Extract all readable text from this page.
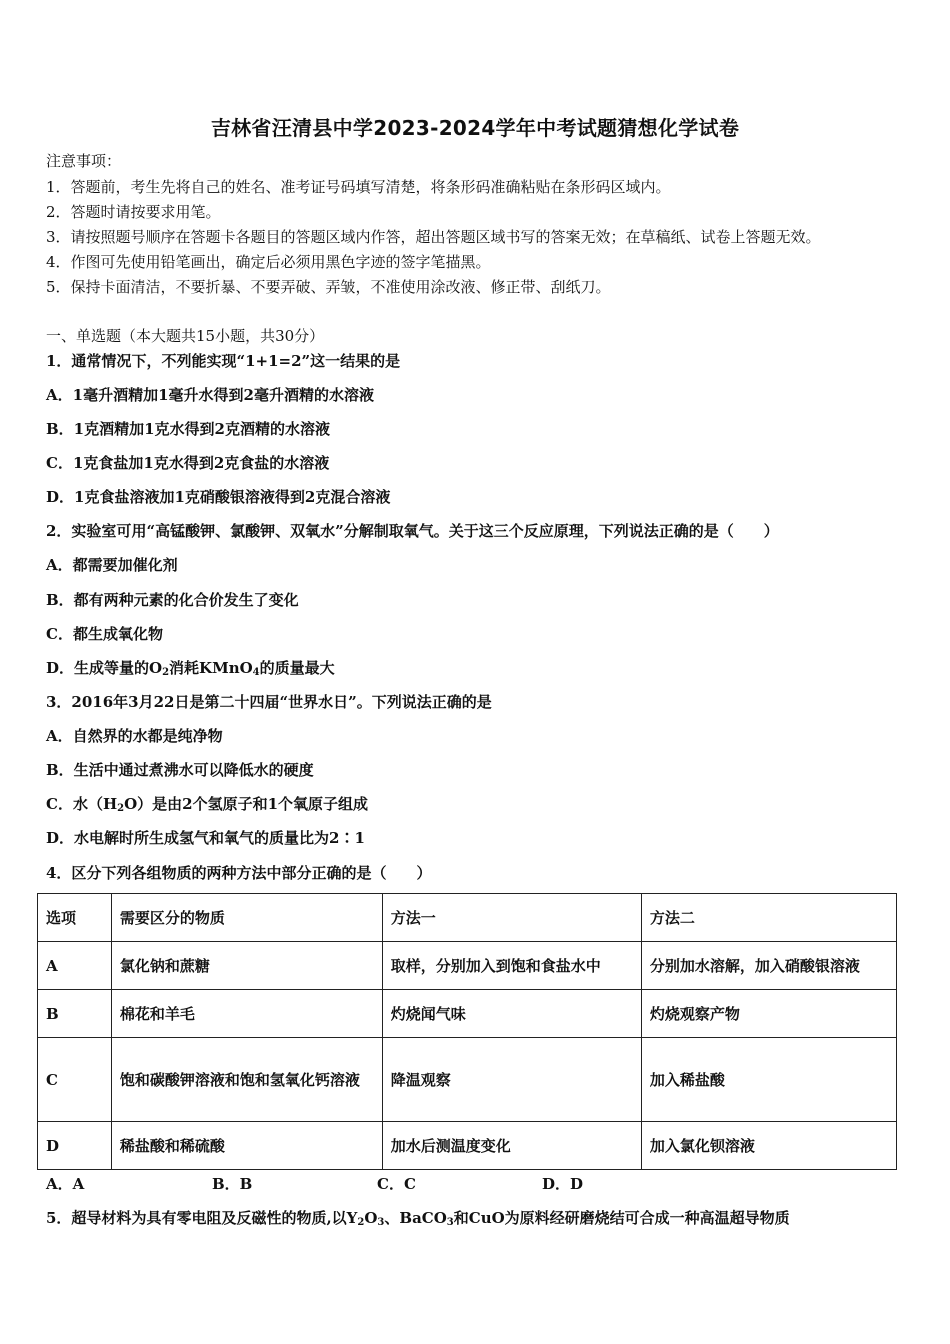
吉林省汪清县中学2023-2024学年中考试题猜想化学试卷
注意事项：
1．答题前，考生先将自己的姓名、准考证号码填写清楚，将条形码准确粘贴在条形码区域内。
2．答题时请按要求用笔。
3．请按照题号顺序在答题卡各题目的答题区域内作答，超出答题区域书写的答案无效；在草稿纸、试卷上答题无效。
4．作图可先使用铅笔画出，确定后必须用黑色字迹的签字笔描黑。
5．保持卡面清洁，不要折暴、不要弄破、弄皱，不准使用涂改液、修正带、刮纸刀。
一、单选题（本大题共15小题，共30分）
1．通常情况下，不列能实现“1+1=2”这一结果的是
A．1毫升酒精加1毫升水得到2毫升酒精的水溶液
B．1克酒精加1克水得到2克酒精的水溶液
C．1克食盐加1克水得到2克食盐的水溶液
D．1克食盐溶液加1克硝酸银溶液得到2克混合溶液
2．实验室可用“高锰酸钾、氯酸钾、双氧水”分解制取氧气。关于这三个反应原理，下列说法正确的是（　　）
A．都需要加催化剂
B．都有两种元素的化合价发生了变化
C．都生成氧化物
D．生成等量的$O_2$消耗KMnO$_4$的质量最大
3．2016年3月22日是第二十四届“世界水日”。下列说法正确的是
A．自然界的水都是纯净物
B．生活中通过煮沸水可以降低水的硬度
C．水$(H_2O)$是由2个氢原子和1个氧原子组成
D．水电解时所生成氢气和氧气的质量比为2∶1
4．区分下列各组物质的两种方法中部分正确的是（　　）
选项	需要区分的物质	方法一	方法二
A	氯化钠和蔗糖	取样，分别加入到饱和食盐水中	分别加水溶解，加入硝酸银溶液
B	棉花和羊毛	灼烧闻气味	灼烧观察产物
C	饱和碳酸钾溶液和饱和氢氧化钙溶液	降温观察	加入稀盐酸
D	稀盐酸和稀硫酸	加水后测温度变化	加入氯化钡溶液
A．A	B．B	C．C	D．D
5．超导材料为具有零电阻及反磁性的物质,以$Y_2O_3$、BaCO$_3$和CuO为原料经研磨烧结可合成一种高温超导物质
